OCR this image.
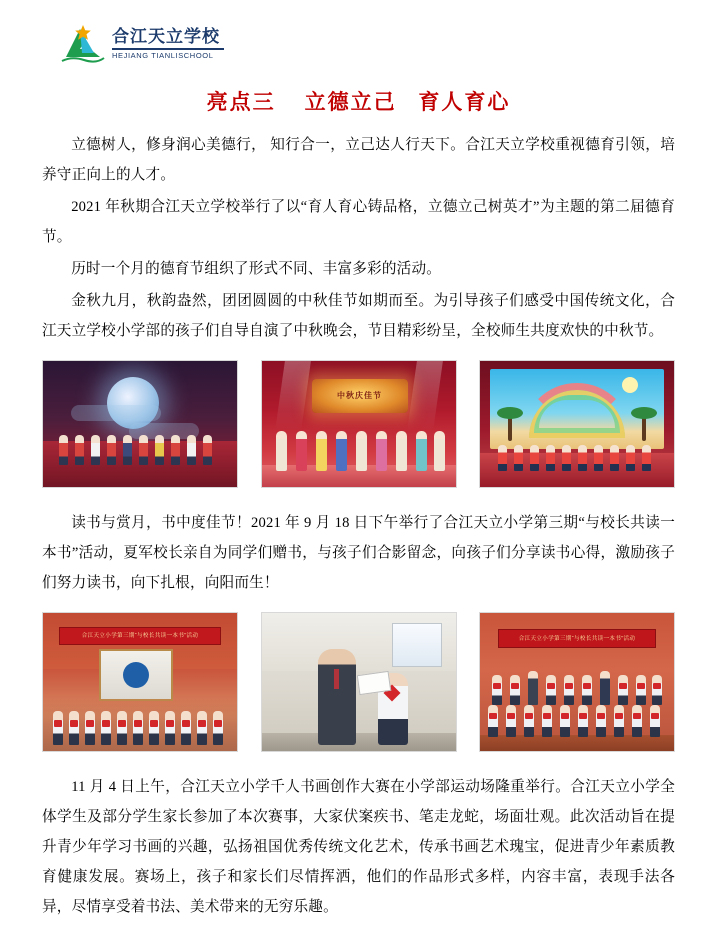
合江天立学校
HEJIANG TIANLISCHOOL
亮点三    立德立己   育人育心

立德树人，修身润心美德行， 知行合一，立己达人行天下。合江天立学校重视德育引领，培养守正向上的人才。

2021 年秋期合江天立学校举行了以“育人育心铸品格，立德立己树英才”为主题的第二届德育节。

历时一个月的德育节组织了形式不同、丰富多彩的活动。

金秋九月，秋韵盎然，团团圆圆的中秋佳节如期而至。为引导孩子们感受中国传统文化，合江天立学校小学部的孩子们自导自演了中秋晚会，节目精彩纷呈，全校师生共度欢快的中秋节。

中秋庆佳节

读书与赏月，书中度佳节！2021 年 9 月 18 日下午举行了合江天立小学第三期“与校长共读一本书”活动，夏军校长亲自为同学们赠书，与孩子们合影留念，向孩子们分享读书心得，激励孩子们努力读书，向下扎根，向阳而生！

合江天立小学第三期“与校长共读一本书”活动	合江天立小学第三期“与校长共读一本书”活动

11 月 4 日上午，合江天立小学千人书画创作大赛在小学部运动场隆重举行。合江天立小学全体学生及部分学生家长参加了本次赛事，大家伏案疾书、笔走龙蛇，场面壮观。此次活动旨在提升青少年学习书画的兴趣，弘扬祖国优秀传统文化艺术，传承书画艺术瑰宝，促进青少年素质教育健康发展。赛场上，孩子和家长们尽情挥洒，他们的作品形式多样，内容丰富，表现手法各异，尽情享受着书法、美术带来的无穷乐趣。
